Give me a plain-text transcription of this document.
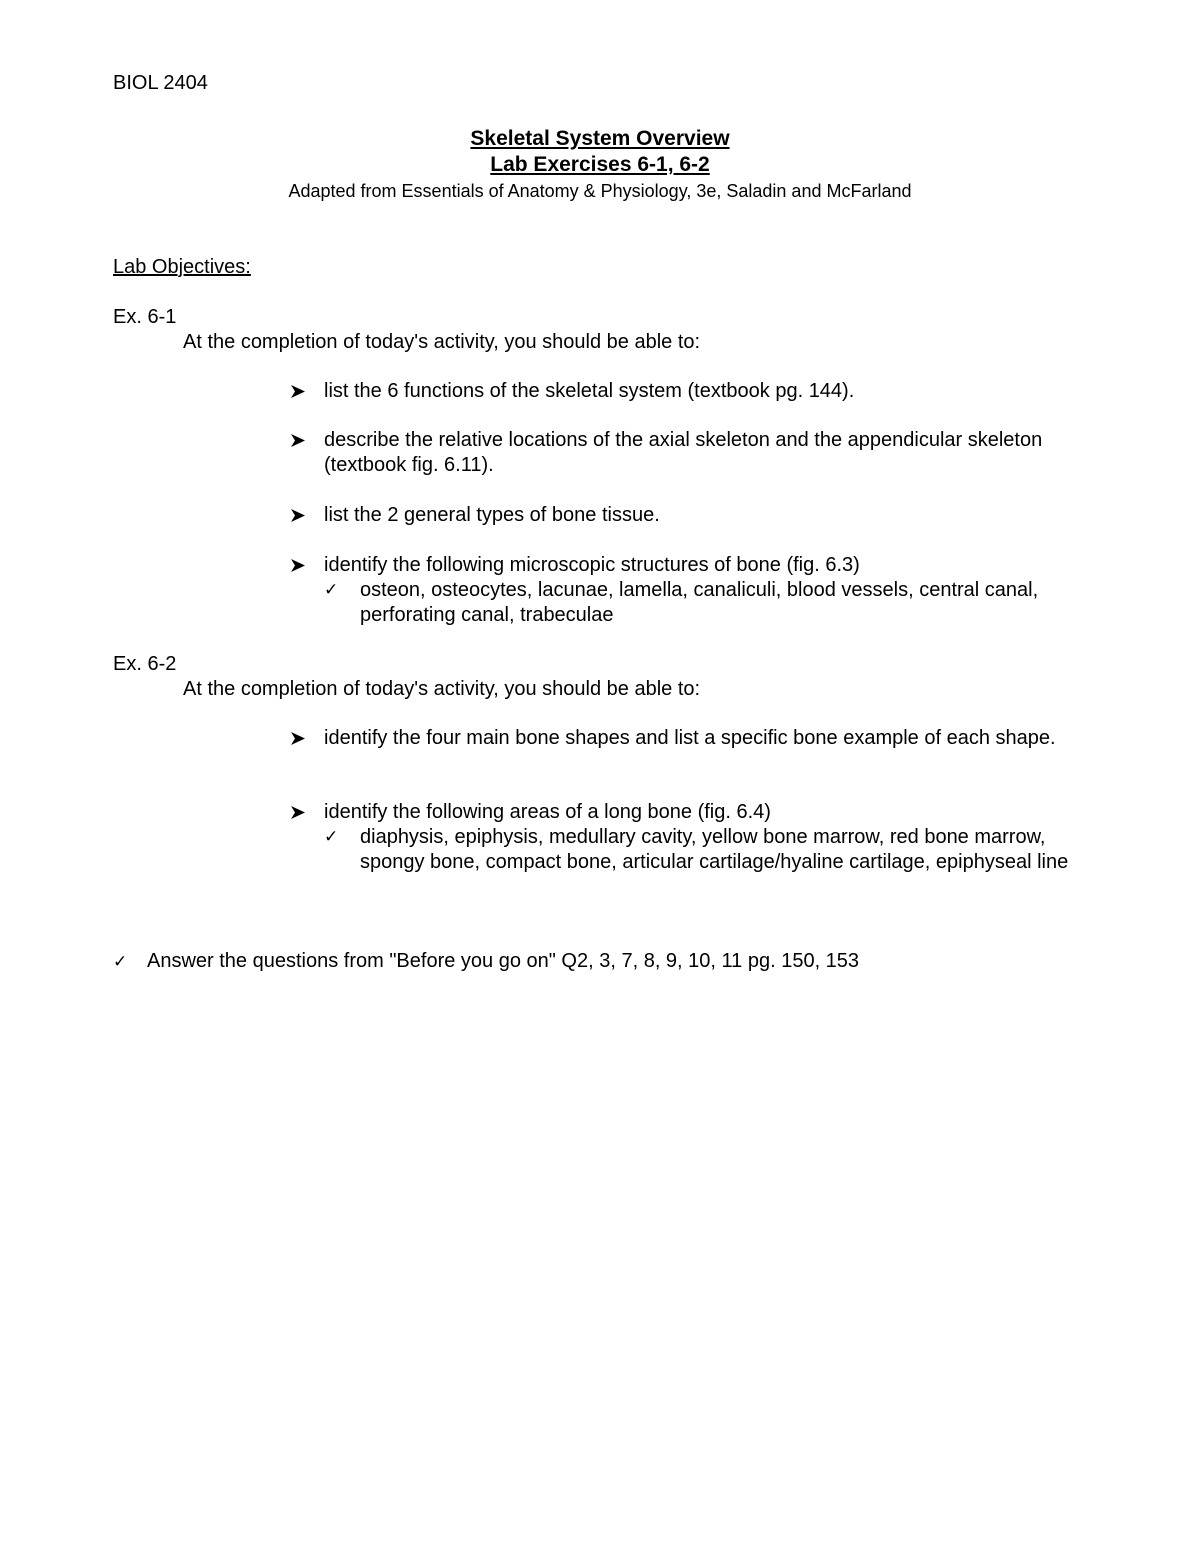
BIOL 2404
Skeletal System Overview
Lab Exercises 6-1, 6-2
Adapted from Essentials of Anatomy & Physiology, 3e, Saladin and McFarland
Lab Objectives:
Ex. 6-1
At the completion of today's activity, you should be able to:
list the 6 functions of the skeletal system (textbook pg. 144).
describe the relative locations of the axial skeleton and the appendicular skeleton (textbook fig. 6.11).
list the 2 general types of bone tissue.
identify the following microscopic structures of bone (fig. 6.3)
✓ osteon, osteocytes, lacunae, lamella, canaliculi, blood vessels, central canal, perforating canal, trabeculae
Ex. 6-2
At the completion of today's activity, you should be able to:
identify the four main bone shapes and list a specific bone example of each shape.
identify the following areas of a long bone (fig. 6.4)
✓ diaphysis, epiphysis, medullary cavity, yellow bone marrow, red bone marrow, spongy bone, compact bone, articular cartilage/hyaline cartilage, epiphyseal line
✓ Answer the questions from "Before you go on" Q2, 3, 7, 8, 9, 10, 11 pg. 150, 153
